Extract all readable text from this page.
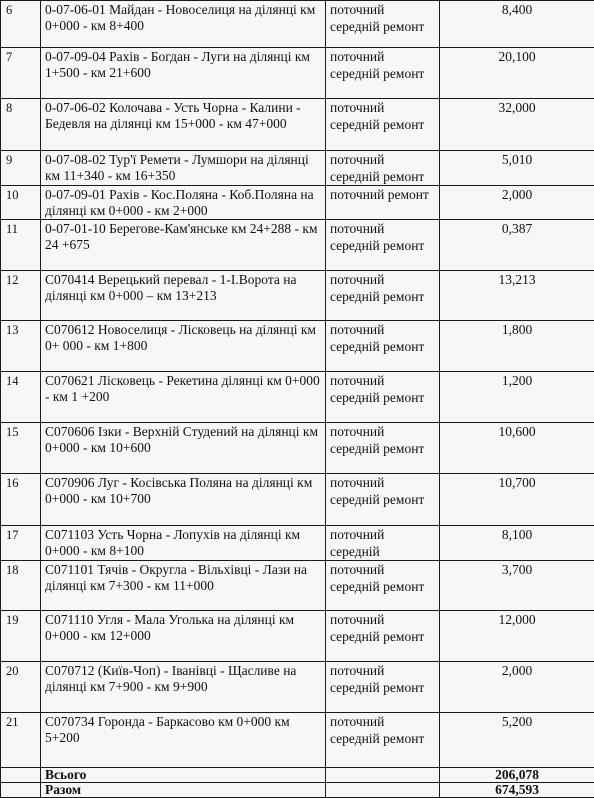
6	0-07-06-01 Майдан - Новоселиця на ділянці км 0+000 - км 8+400	поточний середній ремонт	8,400
7	0-07-09-04 Рахів - Богдан - Луги на ділянці км 1+500 - км 21+600	поточний середній ремонт	20,100
8	0-07-06-02 Колочава - Усть Чорна - Калини - Бедевля на ділянці км 15+000 - км 47+000	поточний середній ремонт	32,000
9	0-07-08-02 Тур'ї Ремети - Лумшори на ділянці км 11+340 - км 16+350	поточний середній ремонт	5,010
10	0-07-09-01 Рахів - Кос.Поляна - Коб.Поляна на ділянці км 0+000 - км 2+000	поточний ремонт	2,000
11	0-07-01-10 Берегове-Кам'янське км 24+288 - км 24 +675	поточний середній ремонт	0,387
12	С070414 Верецький перевал - 1-І.Ворота на ділянці км 0+000 – км 13+213	поточний середній ремонт	13,213
13	С070612 Новоселиця - Лісковець на ділянці км 0+ 000 - км 1+800	поточний середній ремонт	1,800
14	С070621 Лісковець - Рекетина ділянці км 0+000 - км 1 +200	поточний середній ремонт	1,200
15	С070606 Ізки - Верхній Студений на ділянці км 0+000 - км 10+600	поточний середній ремонт	10,600
16	С070906 Луг - Косівська Поляна на ділянці км 0+000 - км 10+700	поточний середній ремонт	10,700
17	С071103 Усть Чорна - Лопухів на ділянці км 0+000 - км 8+100	поточний середній	8,100
18	С071101 Тячів - Округла - Вільхівці - Лази на ділянці км 7+300 - км 11+000	поточний середній ремонт	3,700
19	С071110 Угля - Мала Уголька на ділянці км 0+000 - км 12+000	поточний середній ремонт	12,000
20	С070712 (Київ-Чоп) - Іванівці - Щасливе на ділянці км 7+900 - км 9+900	поточний середній ремонт	2,000
21	С070734 Горонда - Баркасово км 0+000 км 5+200	поточний середній ремонт	5,200
	Всього		206,078
	Разом		674,593
